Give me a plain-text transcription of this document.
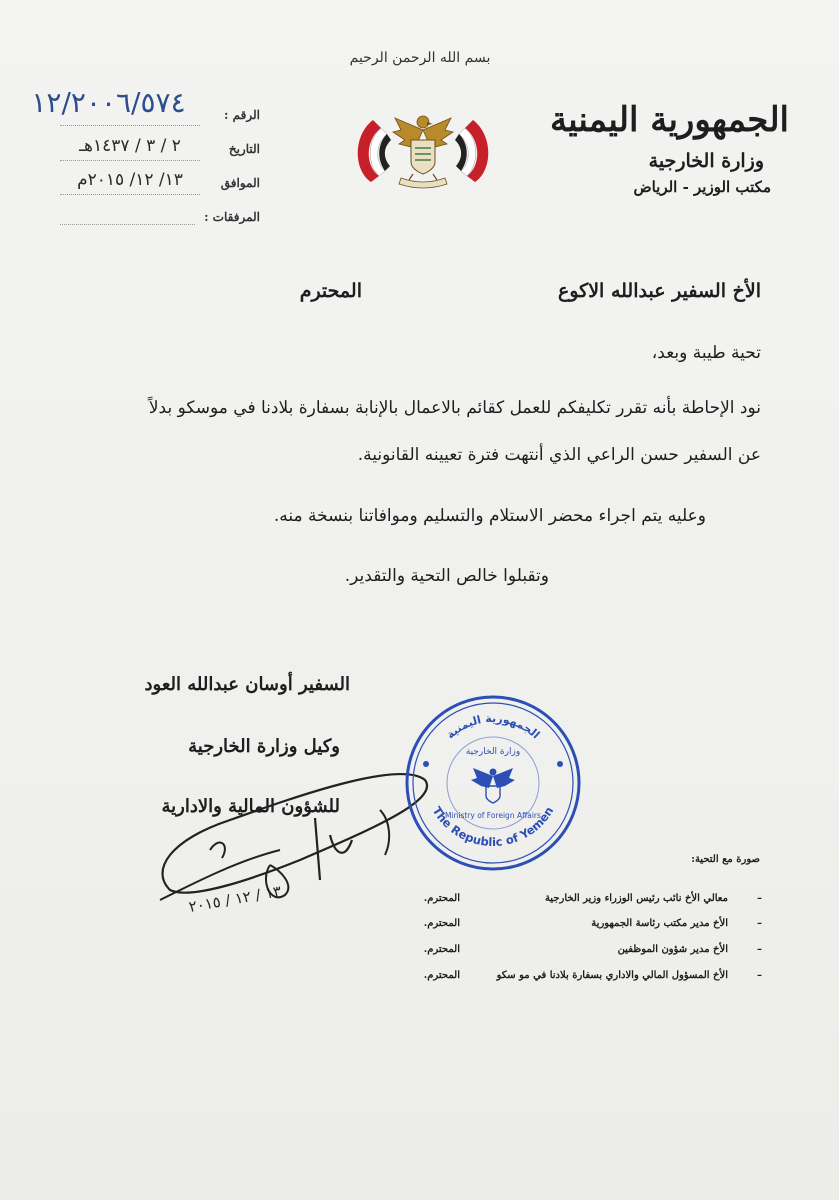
بسم الله الرحمن الرحيم
الجمهورية اليمنية
وزارة الخارجية
مكتب الوزير - الرياض
الرقم :
١٢/٢٠٠٦/٥٧٤
التاريخ
٢ / ٣ / ١٤٣٧هـ
الموافق
١٣/ ١٢/ ٢٠١٥م
المرفقات :
الأخ السفير عبدالله الاكوع
المحترم
تحية طيبة وبعد،
نود الإحاطة بأنه تقرر تكليفكم للعمل كقائم بالاعمال بالإنابة بسفارة بلادنا في موسكو بدلاً
عن السفير حسن الراعي الذي أنتهت فترة تعيينه القانونية.
وعليه يتم اجراء محضر الاستلام والتسليم وموافاتنا بنسخة منه.
وتقبلوا خالص التحية والتقدير.
السفير أوسان عبدالله العود
وكيل وزارة الخارجية
للشؤون المالية والادارية
١٣ / ١٢ / ٢٠١٥
الجمهورية اليمنية
The Republic of Yemen
وزارة الخارجية
Ministry of Foreign Affairs
صورة مع التحية:
–
معالي الأخ نائب رئيس الوزراء وزير الخارجية
المحترم.
–
الأخ مدير مكتب رئاسة الجمهورية
المحترم.
–
الأخ مدير شؤون الموظفين
المحترم.
–
الأخ المسؤول المالي والاداري بسفارة بلادنا في مو سكو
المحترم.
